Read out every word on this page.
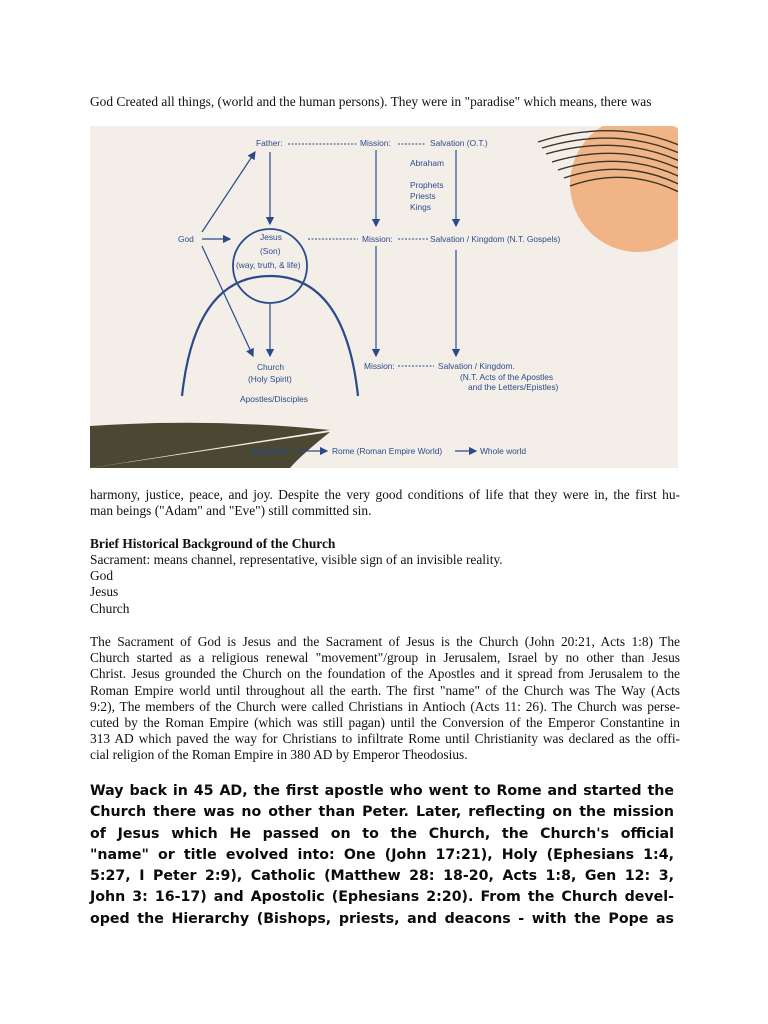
God Created all things, (world and the human persons). They were in "paradise" which means, there was

Father:	Mission:	Salvation (O.T.)
Abraham
Prophets
Priests
Kings
God	Jesus
(Son)
(way, truth, & life)
Mission:	Salvation / Kingdom (N.T. Gospels)
Church
(Holy Spirit)
Apostles/Disciples
Mission:	Salvation / Kingdom.
(N.T. Acts of the Apostles
and the Letters/Epistles)
Jerusalem	Rome (Roman Empire World)	Whole world

harmony, justice, peace, and joy. Despite the very good conditions of life that they were in, the first hu-
man beings ("Adam" and "Eve") still committed sin.

Brief Historical Background of the Church

Sacrament: means channel, representative, visible sign of an invisible reality.
God
Jesus
Church

The Sacrament of God is Jesus and the Sacrament of Jesus is the Church (John 20:21, Acts 1:8) The
Church started as a religious renewal "movement"/group in Jerusalem, Israel by no other than Jesus
Christ. Jesus grounded the Church on the foundation of the Apostles and it spread from Jerusalem to the
Roman Empire world until throughout all the earth. The first "name" of the Church was The Way (Acts
9:2), The members of the Church were called Christians in Antioch (Acts 11: 26). The Church was perse-
cuted by the Roman Empire (which was still pagan) until the Conversion of the Emperor Constantine in
313 AD which paved the way for Christians to infiltrate Rome until Christianity was declared as the offi-
cial religion of the Roman Empire in 380 AD by Emperor Theodosius.

Way back in 45 AD, the first apostle who went to Rome and started the
Church there was no other than Peter. Later, reflecting on the mission
of Jesus which He passed on to the Church, the Church's official
"name" or title evolved into: One (John 17:21), Holy (Ephesians 1:4,
5:27, I Peter 2:9), Catholic (Matthew 28: 18-20, Acts 1:8, Gen 12: 3,
John 3: 16-17) and Apostolic (Ephesians 2:20). From the Church devel-
oped the Hierarchy (Bishops, priests, and deacons - with the Pope as
